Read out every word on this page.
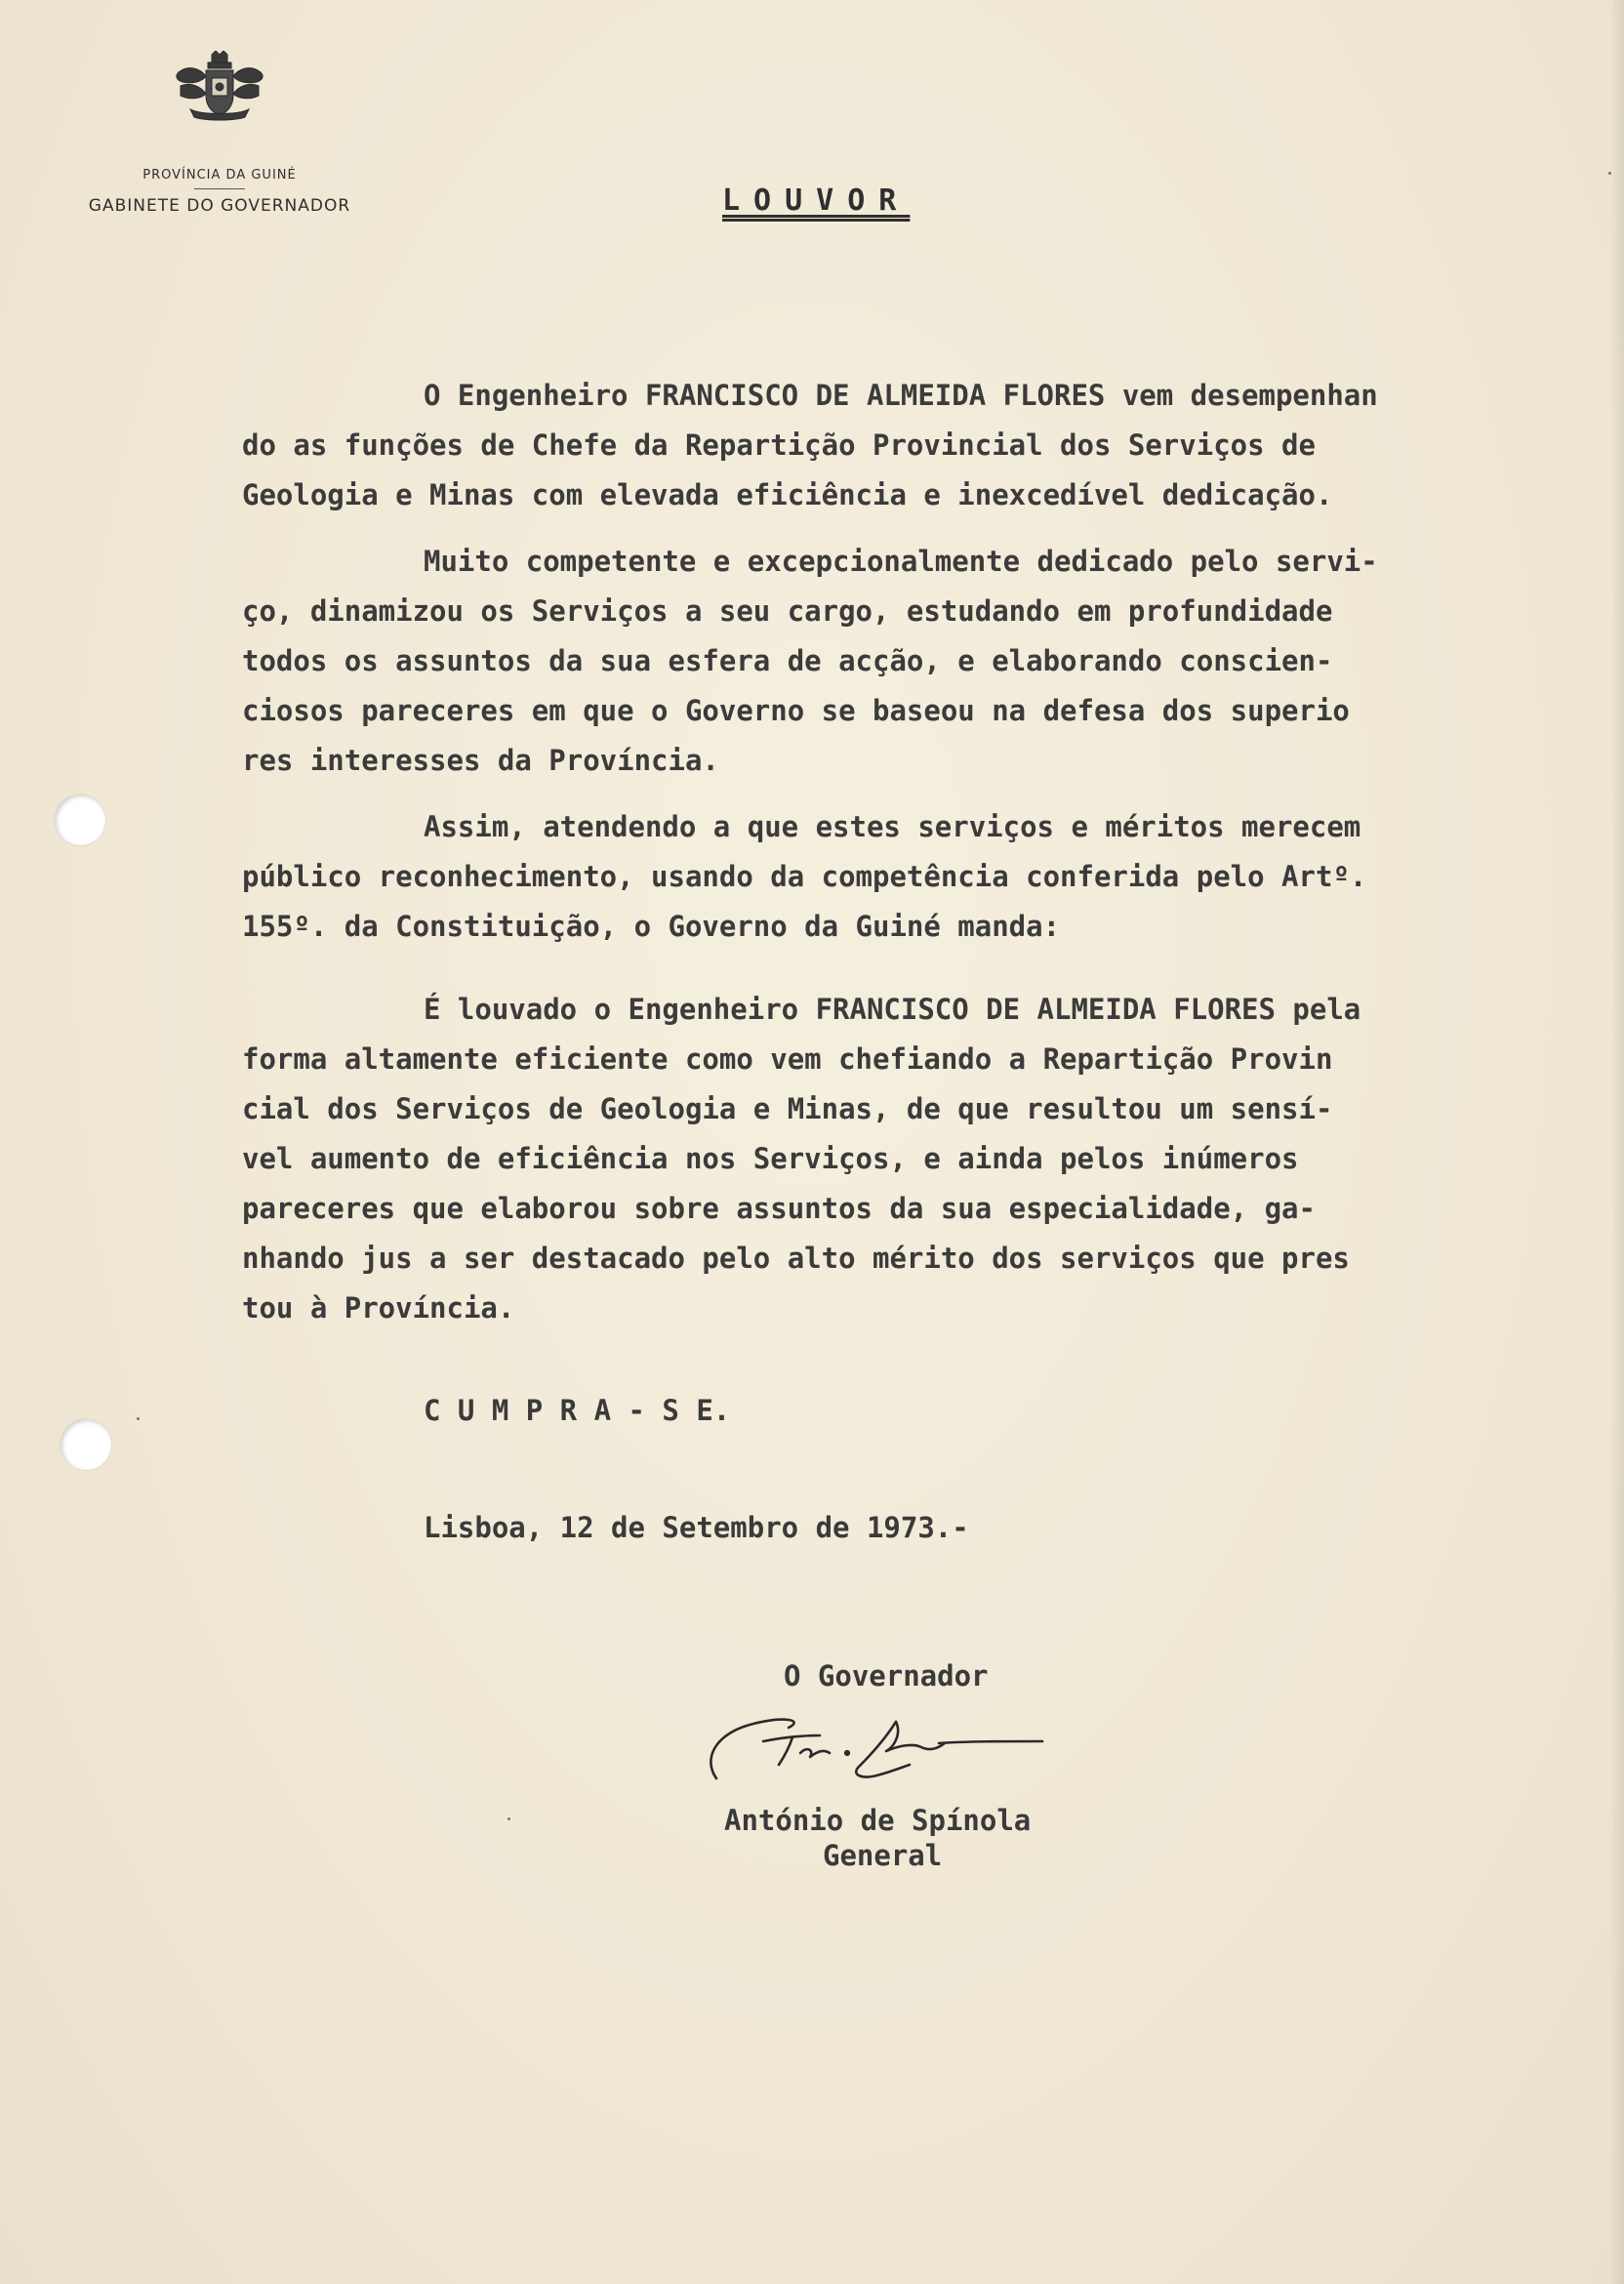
PROVÍNCIA DA GUINÉ
GABINETE DO GOVERNADOR	LOUVOR
O Engenheiro FRANCISCO DE ALMEIDA FLORES vem desempenhan
do as funções de Chefe da Repartição Provincial dos Serviços de
Geologia e Minas com elevada eficiência e inexcedível dedicação.
Muito competente e excepcionalmente dedicado pelo servi-
ço, dinamizou os Serviços a seu cargo, estudando em profundidade
todos os assuntos da sua esfera de acção, e elaborando conscien-
ciosos pareceres em que o Governo se baseou na defesa dos superio
res interesses da Província.
Assim, atendendo a que estes serviços e méritos merecem
público reconhecimento, usando da competência conferida pelo Artº.
155º. da Constituição, o Governo da Guiné manda:
É louvado o Engenheiro FRANCISCO DE ALMEIDA FLORES pela
forma altamente eficiente como vem chefiando a Repartição Provin
cial dos Serviços de Geologia e Minas, de que resultou um sensí-
vel aumento de eficiência nos Serviços, e ainda pelos inúmeros
pareceres que elaborou sobre assuntos da sua especialidade, ga-
nhando jus a ser destacado pelo alto mérito dos serviços que pres
tou à Província.
C U M P R A - S E.
Lisboa, 12 de Setembro de 1973.-
O Governador
António de Spínola
General
